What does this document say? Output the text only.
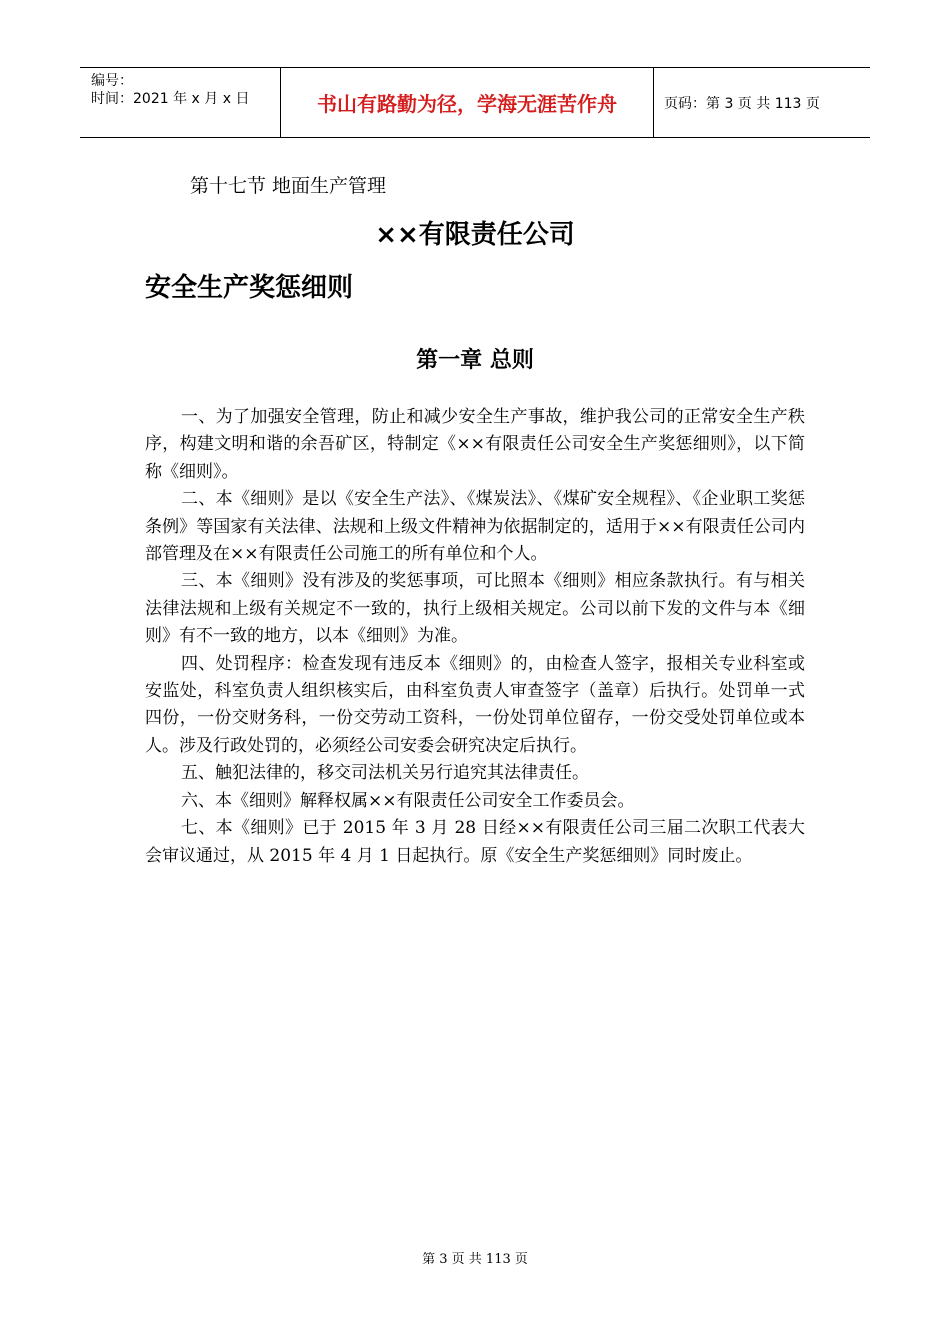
编号：
时间：2021 年 x 月 x 日	书山有路勤为径，学海无涯苦作舟	页码：第 3 页 共 113 页
第十七节 地面生产管理
××有限责任公司
安全生产奖惩细则
第一章 总则

一、为了加强安全管理，防止和减少安全生产事故，维护我公司的正常安全生产秩序，构建文明和谐的余吾矿区，特制定《××有限责任公司安全生产奖惩细则》，以下简称《细则》。

二、本《细则》是以《安全生产法》、《煤炭法》、《煤矿安全规程》、《企业职工奖惩条例》等国家有关法律、法规和上级文件精神为依据制定的，适用于××有限责任公司内部管理及在××有限责任公司施工的所有单位和个人。

三、本《细则》没有涉及的奖惩事项，可比照本《细则》相应条款执行。有与相关法律法规和上级有关规定不一致的，执行上级相关规定。公司以前下发的文件与本《细则》有不一致的地方，以本《细则》为准。

四、处罚程序：检查发现有违反本《细则》的，由检查人签字，报相关专业科室或安监处，科室负责人组织核实后，由科室负责人审查签字（盖章）后执行。处罚单一式四份，一份交财务科，一份交劳动工资科，一份处罚单位留存，一份交受处罚单位或本人。涉及行政处罚的，必须经公司安委会研究决定后执行。

五、触犯法律的，移交司法机关另行追究其法律责任。

六、本《细则》解释权属××有限责任公司安全工作委员会。

七、本《细则》已于 2015 年 3 月 28 日经××有限责任公司三届二次职工代表大会审议通过，从 2015 年 4 月 1 日起执行。原《安全生产奖惩细则》同时废止。

第 3 页 共 113 页
